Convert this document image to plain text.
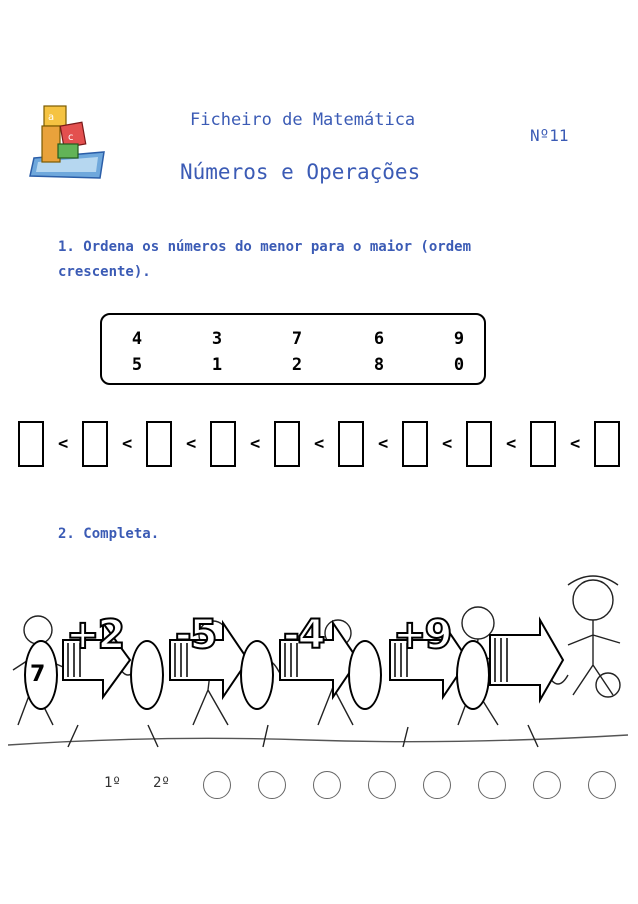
a
c
Ficheiro de Matemática
Números e Operações
Nº11
1. Ordena os números do menor para o maior (ordem crescente).
4	3	7	6	9
5	1	2	8	0
<	<	<	<	<	<	<	<	<
2. Completa.
+2 -5 -4 +9
7
1º 2º
